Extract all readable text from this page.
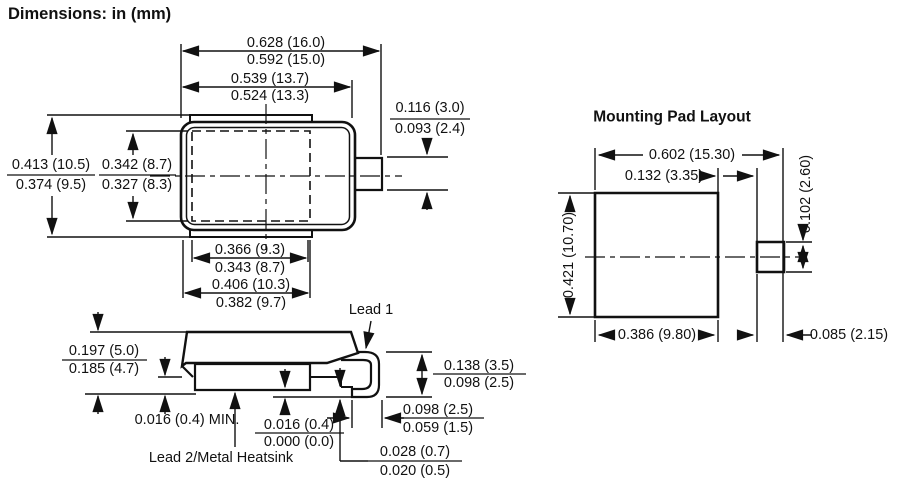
Dimensions: in (mm)
0.628 (16.0)
0.592 (15.0)
0.539 (13.7)
0.524 (13.3)
0.413 (10.5)
0.374 (9.5)
0.342 (8.7)
0.327 (8.3)
0.366 (9.3)
0.343 (8.7)
0.406 (10.3)
0.382 (9.7)
0.116 (3.0)
0.093 (2.4)
Lead 1
0.197 (5.0)
0.185 (4.7)
0.016 (0.4) MIN. 0.016 (0.4)
0.000 (0.0)
Lead 2/Metal Heatsink
0.138 (3.5)
0.098 (2.5)
0.098 (2.5)
0.059 (1.5)
0.028 (0.7)
0.020 (0.5)
Mounting Pad Layout
0.602 (15.30)
0.132 (3.35)	0.102 (2.60)
0.421 (10.70)
0.386 (9.80)	0.085 (2.15)
